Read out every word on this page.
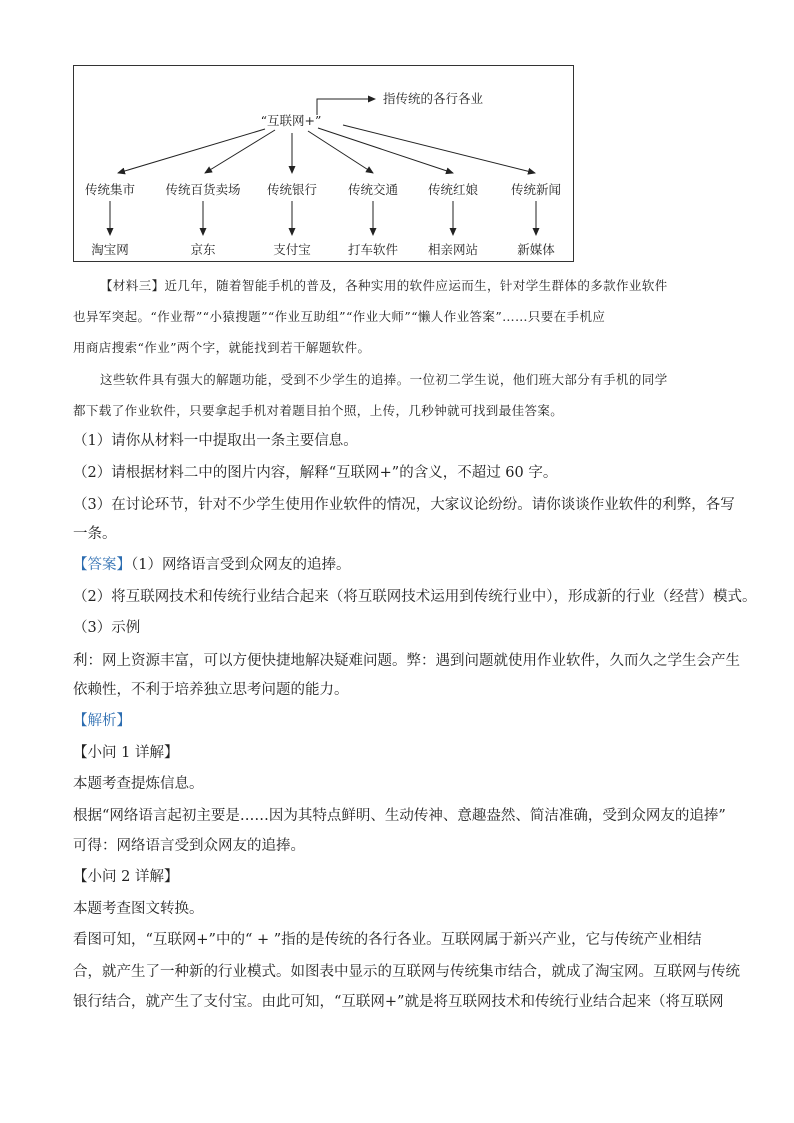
“互联网+”
指传统的各行各业
传统集市 传统百货卖场 传统银行 传统交通 传统红娘	传统新闻
淘宝网	京东	支付宝	打车软件 相亲网站	新媒体
【材料三】近几年，随着智能手机的普及，各种实用的软件应运而生，针对学生群体的多款作业软件
也异军突起。“作业帮”“小猿搜题”“作业互助组”“作业大师”“懒人作业答案”……只要在手机应
用商店搜索“作业”两个字，就能找到若干解题软件。
这些软件具有强大的解题功能，受到不少学生的追捧。一位初二学生说，他们班大部分有手机的同学
都下载了作业软件，只要拿起手机对着题目拍个照，上传，几秒钟就可找到最佳答案。
（1）请你从材料一中提取出一条主要信息。
（2）请根据材料二中的图片内容，解释“互联网+”的含义，不超过 60 字。
（3）在讨论环节，针对不少学生使用作业软件的情况，大家议论纷纷。请你谈谈作业软件的利弊，各写
一条。
【答案】（1）网络语言受到众网友的追捧。
（2）将互联网技术和传统行业结合起来（将互联网技术运用到传统行业中），形成新的行业（经营）模式。
（3）示例
利：网上资源丰富，可以方便快捷地解决疑难问题。弊：遇到问题就使用作业软件，久而久之学生会产生
依赖性，不利于培养独立思考问题的能力。
【解析】
【小问 1 详解】
本题考查提炼信息。
根据“网络语言起初主要是……因为其特点鲜明、生动传神、意趣盎然、简洁准确，受到众网友的追捧”
可得：网络语言受到众网友的追捧。
【小问 2 详解】
本题考查图文转换。
看图可知，“互联网+”中的“ + ”指的是传统的各行各业。互联网属于新兴产业，它与传统产业相结
合，就产生了一种新的行业模式。如图表中显示的互联网与传统集市结合，就成了淘宝网。互联网与传统
银行结合，就产生了支付宝。由此可知，“互联网+”就是将互联网技术和传统行业结合起来（将互联网
